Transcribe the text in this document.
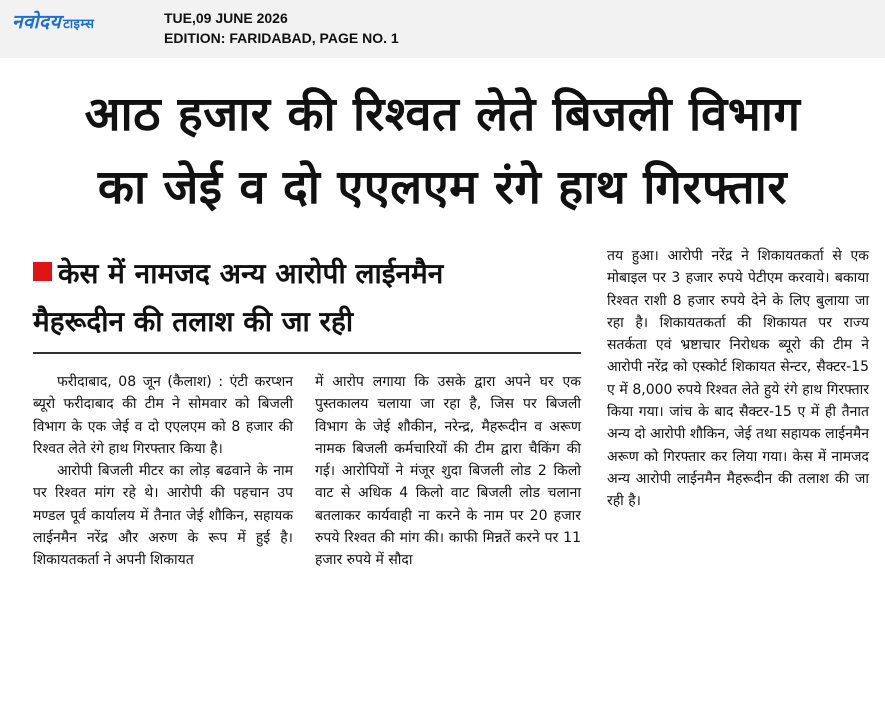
नवोदय टाइम्स	TUE,09 JUNE 2026
EDITION: FARIDABAD, PAGE NO. 1
आठ हजार की रिश्वत लेते बिजली विभाग
का जेई व दो एएलएम रंगे हाथ गिरफ्तार
केस में नामजद अन्य आरोपी लाईनमैन
मैहरूदीन की तलाश की जा रही

फरीदाबाद, 08 जून (कैलाश) : एंटी करप्शन ब्यूरो फरीदाबाद की टीम ने सोमवार को बिजली विभाग के एक जेई व दो एएलएम को 8 हजार की रिश्वत लेते रंगे हाथ गिरफ्तार किया है।

आरोपी बिजली मीटर का लोड़ बढवाने के नाम पर रिश्वत मांग रहे थे। आरोपी की पहचान उप मण्डल पूर्व कार्यालय में तैनात जेई शौकिन, सहायक लाईनमैन नरेंद्र और अरुण के रूप में हुई है।शिकायतकर्ता ने अपनी शिकायत

में आरोप लगाया कि उसके द्वारा अपने घर एक पुस्तकालय चलाया जा रहा है, जिस पर बिजली विभाग के जेई शौकीन, नरेन्द्र, मैहरूदीन व अरूण नामक बिजली कर्मचारियों की टीम द्वारा चैकिंग की गई। आरोपियों ने मंजूर शुदा बिजली लोड 2 किलो वाट से अधिक 4 किलो वाट बिजली लोड चलाना बतलाकर कार्यवाही ना करने के नाम पर 20 हजार रुपये रिश्वत की मांग की। काफी मिन्नतें करने पर 11 हजार रुपये में सौदा

तय हुआ। आरोपी नरेंद्र ने शिकायतकर्ता से एक मोबाइल पर 3 हजार रुपये पेटीएम करवाये। बकाया रिश्वत राशी 8 हजार रुपये देने के लिए बुलाया जा रहा है। शिकायतकर्ता की शिकायत पर राज्य सतर्कता एवं भ्रष्टाचार निरोधक ब्यूरो की टीम ने आरोपी नरेंद्र को एस्कोर्ट शिकायत सेन्टर, सैक्टर-15 ए में 8,000 रुपये रिश्वत लेते हुये रंगे हाथ गिरफ्तार किया गया। जांच के बाद सैक्टर-15 ए में ही तैनात अन्य दो आरोपी शौकिन, जेई तथा सहायक लाईनमैन अरूण को गिरफ्तार कर लिया गया। केस में नामजद अन्य आरोपी लाईनमैन मैहरूदीन की तलाश की जा रही है।
